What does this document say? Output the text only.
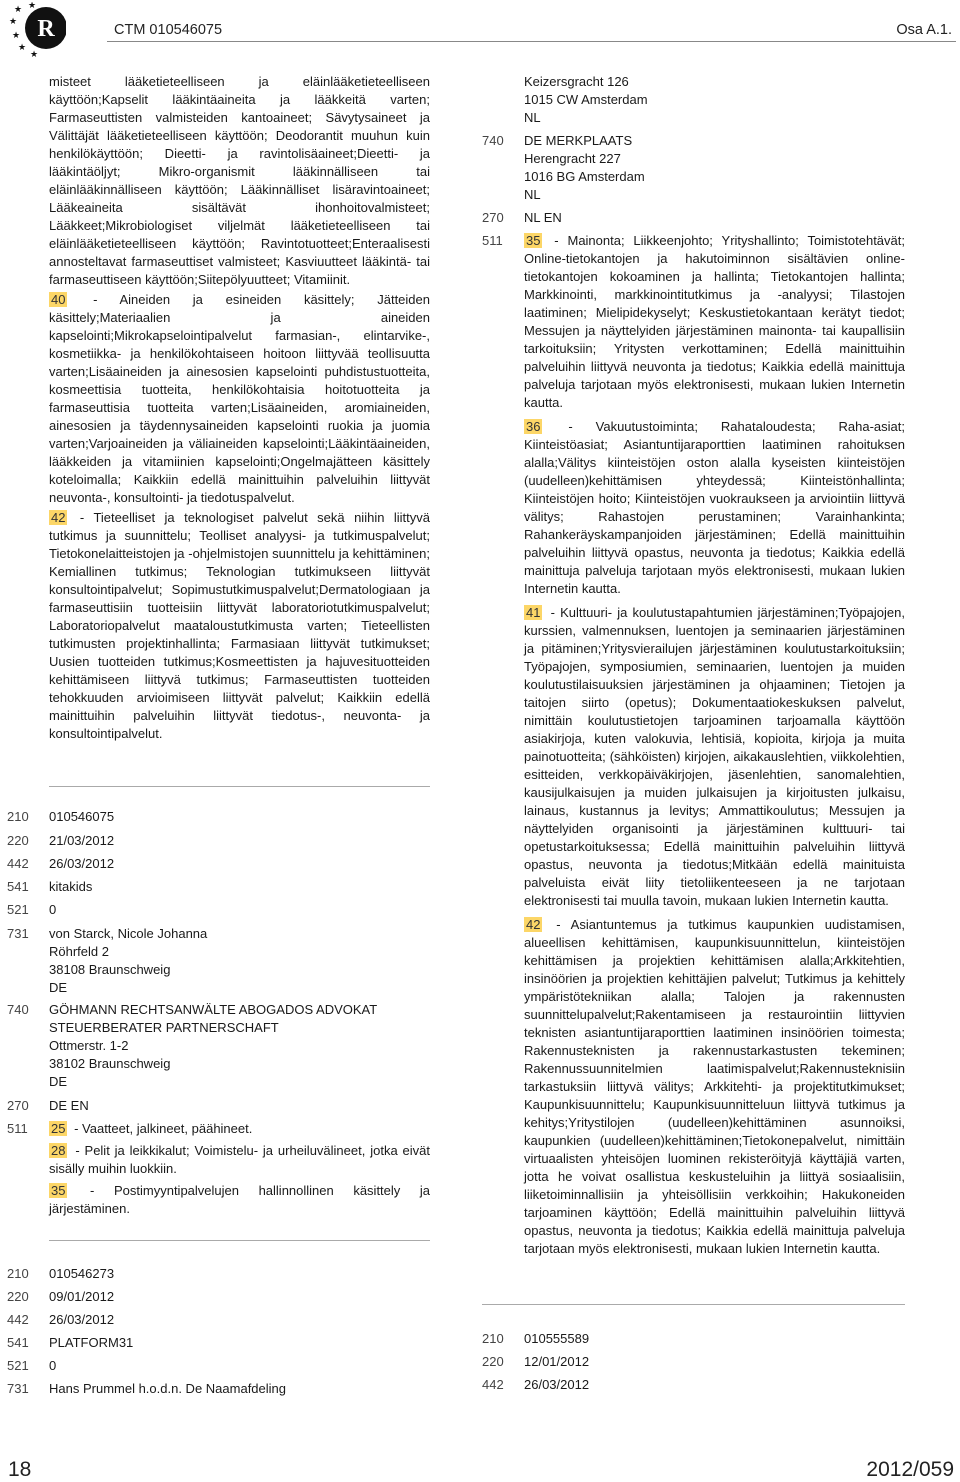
R
★
★
★
★
★ ★
CTM 010546075	Osa A.1.

misteet lääketieteelliseen ja eläinlääketieteelliseen käyttöön;Kapselit lääkintäaineita ja lääkkeitä varten; Farmaseuttisten valmisteiden kantoaineet; Sävytysaineet ja Välittäjät lääketieteelliseen käyttöön; Deodorantit muuhun kuin henkilökäyttöön; Dieetti- ja ravintolisäaineet;Dieetti- ja lääkintäöljyt; Mikro-organismit lääkinnälliseen tai eläinlääkinnälliseen käyttöön; Lääkinnälliset lisäravintoaineet; Lääkeaineita sisältävät ihonhoitovalmisteet; Lääkkeet;Mikrobiologiset viljelmät lääketieteelliseen tai eläinlääketieteelliseen käyttöön; Ravintotuotteet;Enteraalisesti annosteltavat farmaseuttiset valmisteet; Kasviuutteet lääkintä- tai farmaseuttiseen käyttöön;Siitepölyuutteet; Vitamiinit.

40 - Aineiden ja esineiden käsittely; Jätteiden käsittely;Materiaalien ja aineiden kapselointi;Mikrokapselointipalvelut farmasian-, elintarvike-, kosmetiikka- ja henkilökohtaiseen hoitoon liittyvää teollisuutta varten;Lisäaineiden ja ainesosien kapselointi puhdistustuotteita, kosmeettisia tuotteita, henkilökohtaisia hoitotuotteita ja farmaseuttisia tuotteita varten;Lisäaineiden, aromiaineiden, ainesosien ja täydennysaineiden kapselointi ruokia ja juomia varten;Varjoaineiden ja väliaineiden kapselointi;Lääkintäaineiden, lääkkeiden ja vitamiinien kapselointi;Ongelmajätteen käsittely koteloimalla; Kaikkiin edellä mainittuihin palveluihin liittyvät neuvonta-, konsultointi- ja tiedotuspalvelut.

42 - Tieteelliset ja teknologiset palvelut sekä niihin liittyvä tutkimus ja suunnittelu; Teolliset analyysi- ja tutkimuspalvelut; Tietokonelaitteistojen ja -ohjelmistojen suunnittelu ja kehittäminen; Kemiallinen tutkimus; Teknologian tutkimukseen liittyvät konsultointipalvelut; Sopimustutkimuspalvelut;Dermatologiaan ja farmaseuttisiin tuotteisiin liittyvät laboratoriotutkimuspalvelut; Laboratoriopalvelut maataloustutkimusta varten; Tieteellisten tutkimusten projektinhallinta; Farmasiaan liittyvät tutkimukset; Uusien tuotteiden tutkimus;Kosmeettisten ja hajuvesituotteiden kehittämiseen liittyvä tutkimus; Farmaseuttisten tuotteiden tehokkuuden arvioimiseen liittyvät palvelut; Kaikkiin edellä mainittuihin palveluihin liittyvät tiedotus-, neuvonta- ja konsultointipalvelut.

210 010546075
220 21/03/2012
442 26/03/2012
541 kitakids
521 0
731 von Starck, Nicole Johanna
Röhrfeld 2
38108 Braunschweig
DE
740 GÖHMANN RECHTSANWÄLTE ABOGADOS ADVOKAT
STEUERBERATER PARTNERSCHAFT
Ottmerstr. 1-2
38102 Braunschweig
DE
270 DE EN
511 25 - Vaatteet, jalkineet, päähineet.

28 - Pelit ja leikkikalut; Voimistelu- ja urheiluvälineet, jotka eivät sisälly muihin luokkiin.

35 - Postimyyntipalvelujen hallinnollinen käsittely ja järjestäminen.

210 010546273
220 09/01/2012
442 26/03/2012
541 PLATFORM31
521 0
731 Hans Prummel h.o.d.n. De Naamafdeling
Keizersgracht 126
1015 CW Amsterdam
NL
740 DE MERKPLAATS
Herengracht 227
1016 BG Amsterdam
NL
270 NL EN
511 35 - Mainonta; Liikkeenjohto; Yrityshallinto; Toimistotehtävät; Online-tietokantojen ja hakutoiminnon sisältävien online-tietokantojen kokoaminen ja hallinta; Tietokantojen hallinta; Markkinointi, markkinointitutkimus ja -analyysi; Tilastojen laatiminen; Mielipidekyselyt; Keskustietokantaan kerätyt tiedot; Messujen ja näyttelyiden järjestäminen mainonta- tai kaupallisiin tarkoituksiin; Yritysten verkottaminen; Edellä mainittuihin palveluihin liittyvä neuvonta ja tiedotus; Kaikkia edellä mainittuja palveluja tarjotaan myös elektronisesti, mukaan lukien Internetin kautta.

36 - Vakuutustoiminta; Rahataloudesta; Raha-asiat; Kiinteistöasiat; Asiantuntijaraporttien laatiminen rahoituksen alalla;Välitys kiinteistöjen oston alalla kyseisten kiinteistöjen (uudelleen)kehittämisen yhteydessä; Kiinteistönhallinta; Kiinteistöjen hoito; Kiinteistöjen vuokraukseen ja arviointiin liittyvä välitys; Rahastojen perustaminen; Varainhankinta; Rahankeräyskampanjoiden järjestäminen; Edellä mainittuihin palveluihin liittyvä opastus, neuvonta ja tiedotus; Kaikkia edellä mainittuja palveluja tarjotaan myös elektronisesti, mukaan lukien Internetin kautta.

41 - Kulttuuri- ja koulutustapahtumien järjestäminen;Työpajojen, kurssien, valmennuksen, luentojen ja seminaarien järjestäminen ja pitäminen;Yritysvierailujen järjestäminen koulutustarkoituksiin; Työpajojen, symposiumien, seminaarien, luentojen ja muiden koulutustilaisuuksien järjestäminen ja ohjaaminen; Tietojen ja taitojen siirto (opetus); Dokumentaatiokeskuksen palvelut, nimittäin koulutustietojen tarjoaminen tarjoamalla käyttöön asiakirjoja, kuten valokuvia, lehtisiä, kopioita, kirjoja ja muita painotuotteita; (sähköisten) kirjojen, aikakauslehtien, viikkolehtien, esitteiden, verkkopäiväkirjojen, jäsenlehtien, sanomalehtien, kausijulkaisujen ja muiden julkaisujen ja kirjoitusten julkaisu, lainaus, kustannus ja levitys; Ammattikoulutus; Messujen ja näyttelyiden organisointi ja järjestäminen kulttuuri- tai opetustarkoituksessa; Edellä mainittuihin palveluihin liittyvä opastus, neuvonta ja tiedotus;Mitkään edellä mainituista palveluista eivät liity tietoliikenteeseen ja ne tarjotaan elektronisesti tai muulla tavoin, mukaan lukien Internetin kautta.

42 - Asiantuntemus ja tutkimus kaupunkien uudistamisen, alueellisen kehittämisen, kaupunkisuunnittelun, kiinteistöjen kehittämisen ja projektien kehittämisen alalla;Arkkitehtien, insinöörien ja projektien kehittäjien palvelut; Tutkimus ja kehittely ympäristötekniikan alalla; Talojen ja rakennusten suunnittelupalvelut;Rakentamiseen ja restaurointiin liittyvien teknisten asiantuntijaraporttien laatiminen insinöörien toimesta; Rakennusteknisten ja rakennustarkastusten tekeminen; Rakennussuunnitelmien laatimispalvelut;Rakennusteknisiin tarkastuksiin liittyvä välitys; Arkkitehti- ja projektitutkimukset; Kaupunkisuunnittelu; Kaupunkisuunnitteluun liittyvä tutkimus ja kehitys;Yritystilojen (uudelleen)kehittäminen asunnoiksi, kaupunkien (uudelleen)kehittäminen;Tietokonepalvelut, nimittäin virtuaalisten yhteisöjen luominen rekisteröityjä käyttäjiä varten, jotta he voivat osallistua keskusteluihin ja liittyä sosiaalisiin, liiketoiminnallisiin ja yhteisöllisiin verkkoihin; Hakukoneiden tarjoaminen käyttöön; Edellä mainittuihin palveluihin liittyvä opastus, neuvonta ja tiedotus; Kaikkia edellä mainittuja palveluja tarjotaan myös elektronisesti, mukaan lukien Internetin kautta.

210 010555589
220 12/01/2012
442 26/03/2012
18	2012/059
